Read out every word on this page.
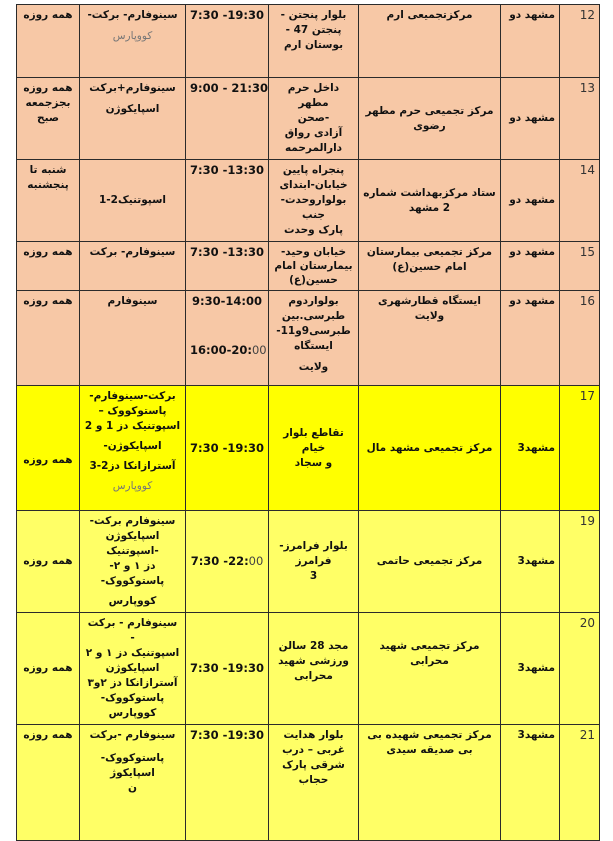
همه روزه	سینوفارم- برکت-
کووپارس	7:30 -19:30	بلوار پنجتن -
پنجتن 47 -
بوستان ارم	مرکزتجمیعی ارم	مشهد دو	12
همه روزه بجزجمعه صبح	سینوفارم+برکت
اسپایکوژن	9:00 - 21:30	داخل حرم مطهر
-صحن
آزادی رواق
دارالمرحمه	مرکز تجمیعی حرم مطهر رضوی	مشهد دو	13
شنبه تا پنجشنبه	اسپوتنیک2-1	7:30 -13:30	پنجراه پایین
خیابان-ابتدای
بولواروحدت-جنب
پارک وحدت	ستاد مرکزبهداشت شماره 2 مشهد	مشهد دو	14
همه روزه	سینوفارم- برکت	7:30 -13:30	خیابان وحید-
بیمارستان امام
حسین(ع)	مرکز تجمیعی بیمارستان امام حسین(ع)	مشهد دو	15
همه روزه	سینوفارم	9:30-14:00
16:00-20:00	بولواردوم
طبرسی.بین
طبرسی9و11-
ایستگاه
ولایت	ایستگاه قطارشهری ولایت	مشهد دو	16
همه روزه	
برکت-سینوفارم-
پاستوکووک –
اسپوتنیک دز 1 و 2
اسپایکوژن-
آسترازانکا دز2-3
کووپارس
	7:30 -19:30	
تقاطع بلوار خیام
و سجاد
	مرکز تجمیعی مشهد مال	مشهد3	17
همه روزه	سینوفارم برکت-
اسپایکوژن -اسپوتنیک
دز ۱ و ۲-پاستوکووک-
کووپارس	7:30 -22:00	بلوار فرامرز-فرامرز
3	مرکز تجمیعی حاتمی	مشهد3	19
همه روزه	
سینوفارم - برکت -
اسپوتنیک دز ۱ و ۲
اسپایکوژن
آسترازانکا دز ۲و۳
پاستوکووک-
کووپارس
	7:30 -19:30	
مجد 28 سالن
ورزشی شهید
محرابی
	مرکز تجمیعی شهید محرابی	مشهد3	20
همه روزه	سینوفارم -برکت
پاستوکووک-اسپایکوژ
ن	7:30 -19:30	بلوار هدایت
غربی – درب
شرقی پارک
حجاب	مرکز تجمیعی شهیده بی بی صدیقه سیدی	مشهد3	21
